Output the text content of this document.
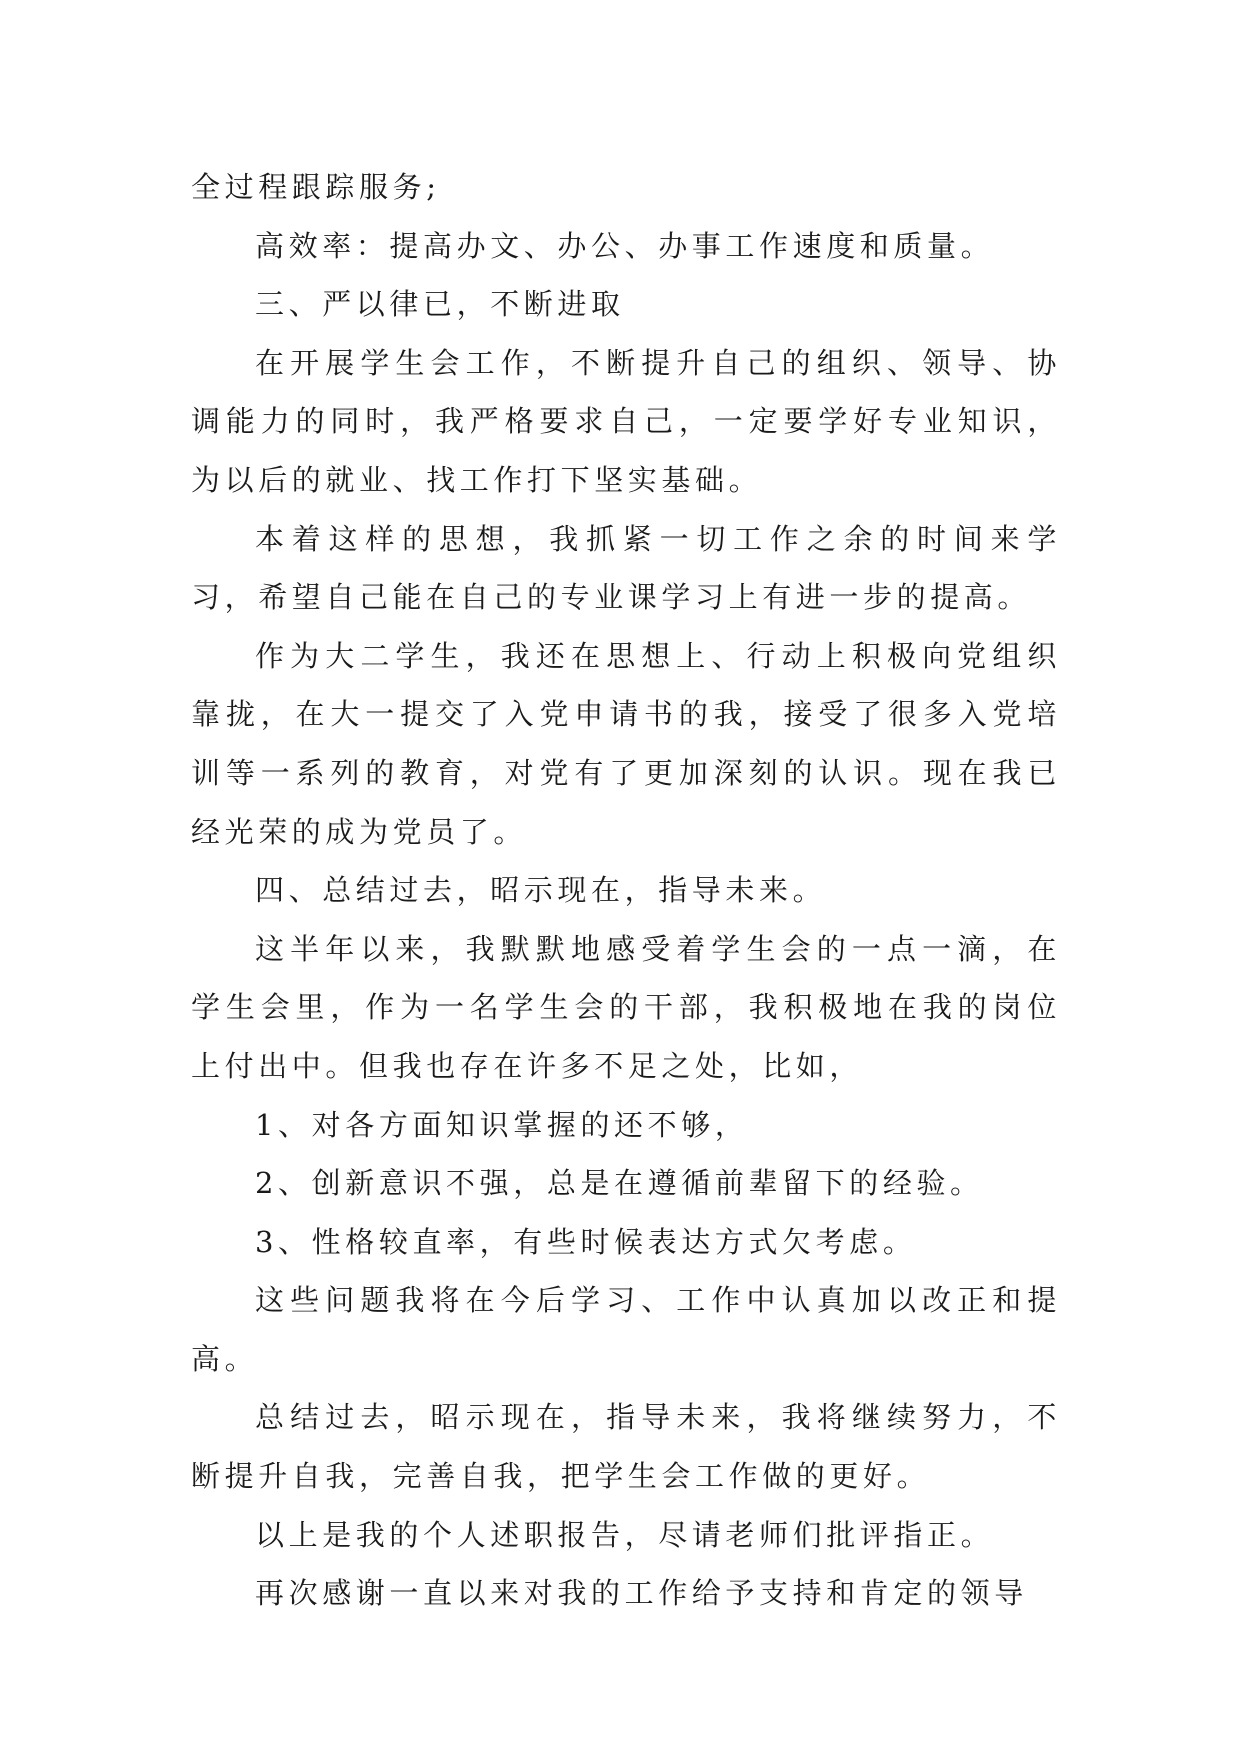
全过程跟踪服务;

高效率：提高办文、办公、办事工作速度和质量。

三、严以律已，不断进取

在开展学生会工作，不断提升自己的组织、领导、协调能力的同时，我严格要求自己，一定要学好专业知识，为以后的就业、找工作打下坚实基础。

本着这样的思想，我抓紧一切工作之余的时间来学习，希望自己能在自己的专业课学习上有进一步的提高。

作为大二学生，我还在思想上、行动上积极向党组织靠拢，在大一提交了入党申请书的我，接受了很多入党培训等一系列的教育，对党有了更加深刻的认识。现在我已经光荣的成为党员了。

四、总结过去，昭示现在，指导未来。

这半年以来，我默默地感受着学生会的一点一滴，在学生会里，作为一名学生会的干部，我积极地在我的岗位上付出中。但我也存在许多不足之处，比如，

1、对各方面知识掌握的还不够，

2、创新意识不强，总是在遵循前辈留下的经验。

3、性格较直率，有些时候表达方式欠考虑。

这些问题我将在今后学习、工作中认真加以改正和提高。

总结过去，昭示现在，指导未来，我将继续努力，不断提升自我，完善自我，把学生会工作做的更好。

以上是我的个人述职报告，尽请老师们批评指正。

再次感谢一直以来对我的工作给予支持和肯定的领导
